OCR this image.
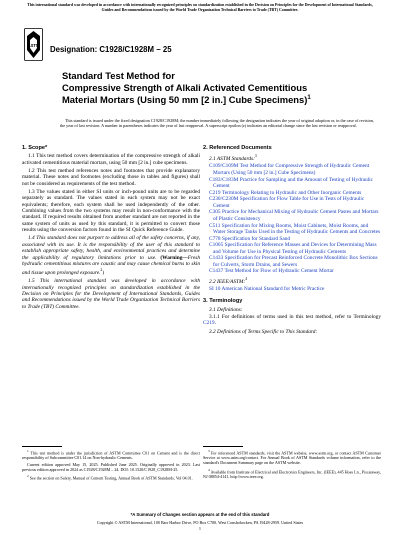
This international standard was developed in accordance with internationally recognized principles on standardization established in the Decision on Principles for the Development of International Standards, Guides and Recommendations issued by the World Trade Organization Technical Barriers to Trade (TBT) Committee.
ASTM Designation: C1928/C1928M − 25
Standard Test Method for
Compressive Strength of Alkali Activated Cementitious
Material Mortars (Using 50 mm [2 in.] Cube Specimens)$^1$
This standard is issued under the fixed designation C1928/C1928M; the number immediately following the designation indicates the year of original adoption or, in the case of revision, the year of last revision. A number in parentheses indicates the year of last reapproval. A superscript epsilon (ε) indicates an editorial change since the last revision or reapproval.
1. Scope*

1.1 This test method covers determination of the compressive strength of alkali activated cementitious material mortars, using 50 mm [2 in.] cube specimens.

1.2 This test method references notes and footnotes that provide explanatory material. These notes and footnotes (excluding those in tables and figures) shall not be considered as requirements of the test method.

1.3 The values stated in either SI units or inch-pound units are to be regarded separately as standard. The values stated in each system may not be exact equivalents; therefore, each system shall be used independently of the other. Combining values from the two systems may result in non-conformance with the standard. If required results obtained from another standard are not reported in the same system of units as used by this standard, it is permitted to convert those results using the conversion factors found in the SI Quick Reference Guide.

1.4 This standard does not purport to address all of the safety concerns, if any, associated with its use. It is the responsibility of the user of this standard to establish appropriate safety, health, and environmental practices and determine the applicability of regulatory limitations prior to use. (Warning—Fresh hydraulic cementitious mixtures are caustic and may cause chemical burns to skin and tissue upon prolonged exposure.$^2$)

1.5 This international standard was developed in accordance with internationally recognized principles on standardization established in the Decision on Principles for the Development of International Standards, Guides and Recommendations issued by the World Trade Organization Technical Barriers to Trade (TBT) Committee.

2. Referenced Documents
2.1 ASTM Standards:$^3$
C109/C109M Test Method for Compressive Strength of Hydraulic Cement Mortars (Using 50 mm [2 in.] Cube Specimens)
C183/C183M Practice for Sampling and the Amount of Testing of Hydraulic Cement
C219 Terminology Relating to Hydraulic and Other Inorganic Cements
C230/C230M Specification for Flow Table for Use in Tests of Hydraulic Cement
C305 Practice for Mechanical Mixing of Hydraulic Cement Pastes and Mortars of Plastic Consistency
C511 Specification for Mixing Rooms, Moist Cabinets, Moist Rooms, and Water Storage Tanks Used in the Testing of Hydraulic Cements and Concretes
C778 Specification for Standard Sand
C1005 Specification for Reference Masses and Devices for Determining Mass and Volume for Use in Physical Testing of Hydraulic Cements
C1433 Specification for Precast Reinforced Concrete Monolithic Box Sections for Culverts, Storm Drains, and Sewers
C1437 Test Method for Flow of Hydraulic Cement Mortar
2.2 IEEE/ASTM:$^4$
SI 10 American National Standard for Metric Practice
3. Terminology
3.1 Definitions:

3.1.1 For definitions of terms used in this test method, refer to Terminology C219.

3.2 Definitions of Terms Specific to This Standard:

$^1$ This test method is under the jurisdiction of ASTM Committee C01 on Cement and is the direct responsibility of Subcommittee C01.14 on Non-hydraulic Cements.

Current edition approved May 15, 2025. Published June 2025. Originally approved in 2023. Last previous edition approved in 2024 as C1928/C1928M – 24. DOI: 10.1520/C1928_C1928M-25.

$^2$ See the section on Safety, Manual of Cement Testing, Annual Book of ASTM Standards, Vol 04.01.

$^3$ For referenced ASTM standards, visit the ASTM website, www.astm.org, or contact ASTM Customer Service at www.astm.org/contact. For Annual Book of ASTM Standards volume information, refer to the standard's Document Summary page on the ASTM website.

$^4$ Available from Institute of Electrical and Electronics Engineers, Inc. (IEEE), 445 Hoes Ln., Piscataway, NJ 08854-4141, http://www.ieee.org.

*A Summary of Changes section appears at the end of this standard
Copyright © ASTM International, 100 Barr Harbor Drive, PO Box C700, West Conshohocken, PA 19428-2959. United States
1
